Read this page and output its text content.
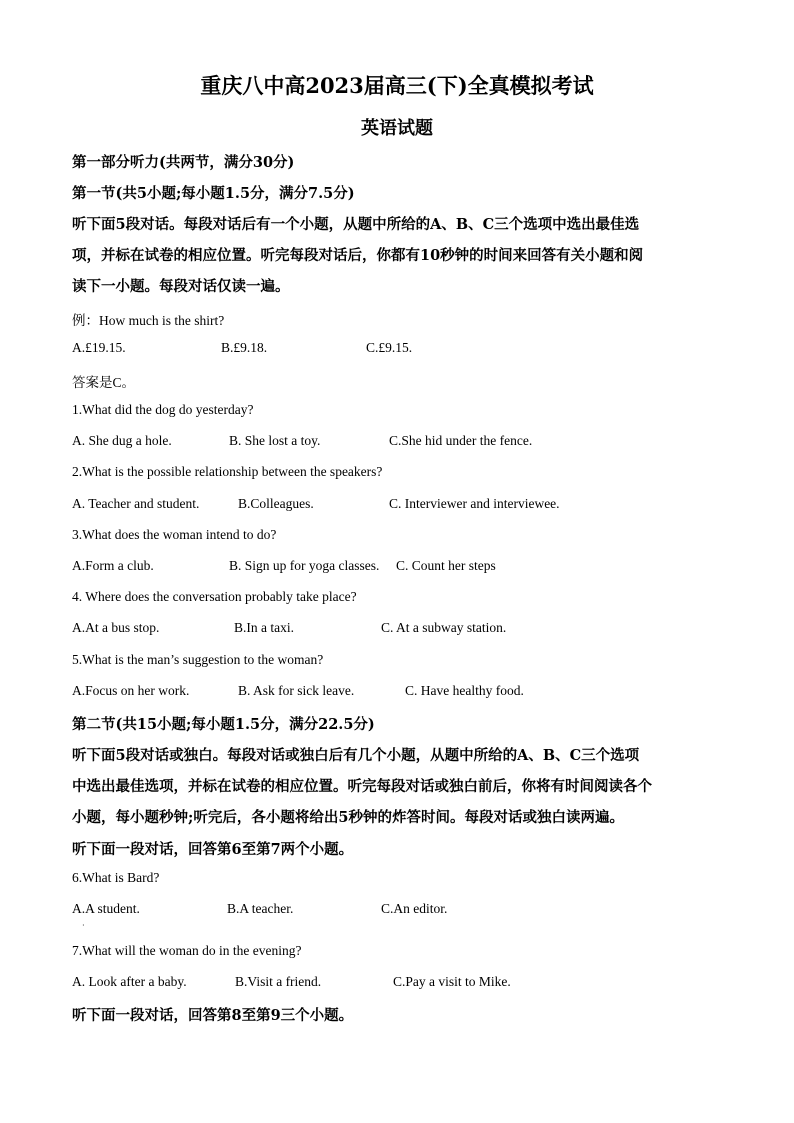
重庆八中高2023届高三(下)全真模拟考试
英语试题
第一部分听力(共两节，满分30分)
第一节(共5小题;每小题1.5分，满分7.5分)
听下面5段对话。每段对话后有一个小题，从题中所给的A、B、C三个选项中选出最佳选
项，并标在试卷的相应位置。听完每段对话后，你都有10秒钟的时间来回答有关小题和阅
读下一小题。每段对话仅读一遍。
例：How much is the shirt?
A.£19.15.	B.£9.18.	C.£9.15.
答案是C。
1.What did the dog do yesterday?
A. She dug a hole.	B. She lost a toy.	C.She hid under the fence.
2.What is the possible relationship between the speakers?
A. Teacher and student.	B.Colleagues.	C. Interviewer and interviewee.
3.What does the woman intend to do?
A.Form a club.	B. Sign up for yoga classes. C. Count her steps
4. Where does the conversation probably take place?
A.At a bus stop.	B.In a taxi.	C. At a subway station.
5.What is the man’s suggestion to the woman?
A.Focus on her work.	B. Ask for sick leave.	C. Have healthy food.
第二节(共15小题;每小题1.5分，满分22.5分)
听下面5段对话或独白。每段对话或独白后有几个小题，从题中所给的A、B、C三个选项
中选出最佳选项，并标在试卷的相应位置。听完每段对话或独白前后，你将有时间阅读各个
小题，每小题秒钟;听完后，各小题将给出5秒钟的炸答时间。每段对话或独白读两遍。
听下面一段对话，回答第6至第7两个小题。
6.What is Bard?
A.A student.	B.A teacher.	C.An editor.
·
7.What will the woman do in the evening?
A. Look after a baby.	B.Visit a friend.	C.Pay a visit to Mike.
听下面一段对话，回答第8至第9三个小题。
